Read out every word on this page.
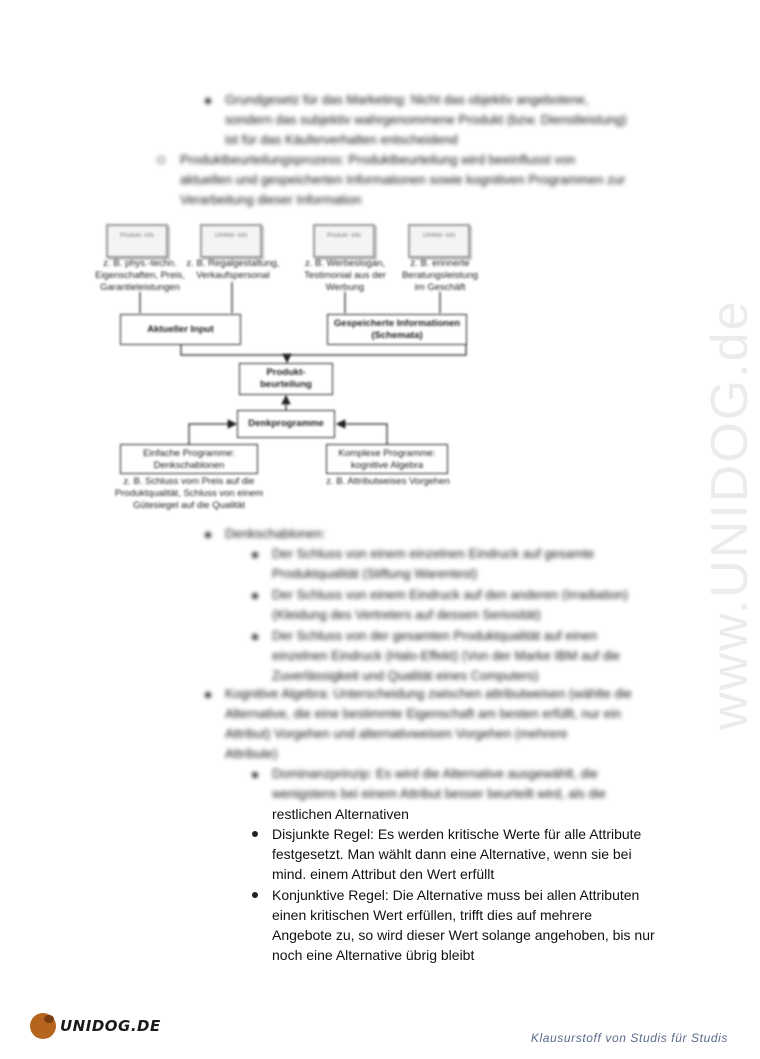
www.UNIDOG.de
Grundgesetz für das Marketing: Nicht das objektiv angebotene,
sondern das subjektiv wahrgenommene Produkt (bzw. Dienstleistung)
ist für das Käuferverhalten entscheidend
Produktbeurteilungsprozess: Produktbeurteilung wird beeinflusst von
aktuellen und gespeicherten Informationen sowie kognitiven Programmen zur
Verarbeitung dieser Information
Produkt- info	Umfeld- info	Produkt- info	Umfeld- info
z. B. phys.-techn.
Eigenschaften, Preis,
Garantieleistungen
z. B. Regalgestaltung,
Verkaufspersonal
z. B. Werbeslogan,
Testimonial aus der
Werbung
z. B. erinnerte
Beratungsleistung
im Geschäft
Aktueller Input
Gespeicherte Informationen
(Schemata)
Produkt-
beurteilung
Denkprogramme
Einfache Programme:
Denkschablonen
Komplexe Programme:
kognitive Algebra
z. B. Schluss vom Preis auf die
Produktqualität, Schluss von einem
Gütesiegel auf die Qualität
z. B. Attributweises Vorgehen
Denkschablonen:
Der Schluss von einem einzelnen Eindruck auf gesamte
Produktqualität (Stiftung Warentest)
Der Schluss von einem Eindruck auf den anderen (Irradiation)
(Kleidung des Vertreters auf dessen Seriosität)
Der Schluss von der gesamten Produktqualität auf einen
einzelnen Eindruck (Halo-Effekt) (Von der Marke IBM auf die
Zuverlässigkeit und Qualität eines Computers)
Kognitive Algebra: Unterscheidung zwischen attributweisen (wählte die
Alternative, die eine bestimmte Eigenschaft am besten erfüllt, nur ein
Attribut) Vorgehen und alternativweisen Vorgehen (mehrere
Attribute)
Dominanzprinzip: Es wird die Alternative ausgewählt, die
wenigstens bei einem Attribut besser beurteilt wird, als die
restlichen Alternativen
Disjunkte Regel: Es werden kritische Werte für alle Attribute
festgesetzt. Man wählt dann eine Alternative, wenn sie bei
mind. einem Attribut den Wert erfüllt
Konjunktive Regel: Die Alternative muss bei allen Attributen
einen kritischen Wert erfüllen, trifft dies auf mehrere
Angebote zu, so wird dieser Wert solange angehoben, bis nur
noch eine Alternative übrig bleibt
UNIDOG.DE
Klausurstoff von Studis für Studis
